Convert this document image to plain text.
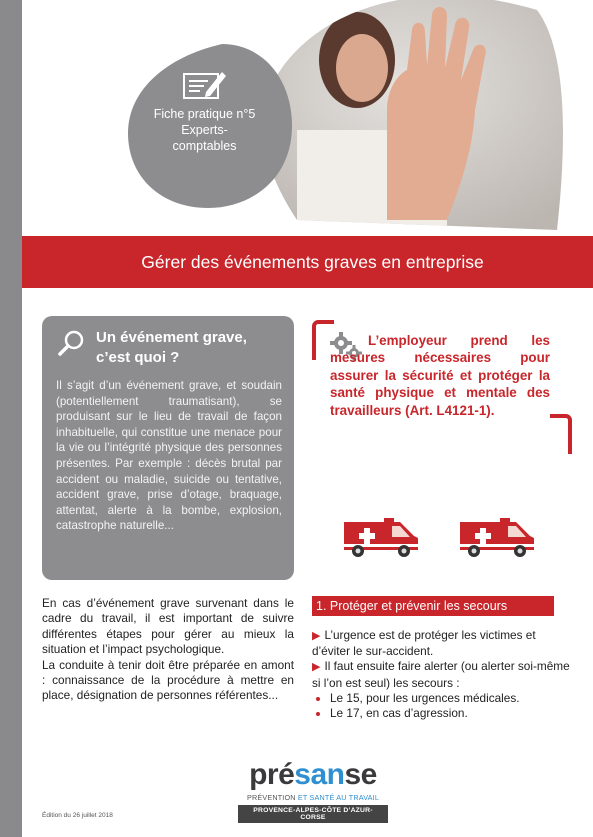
Fiche pratique n°5
Experts-
comptables
Gérer des événements graves en entreprise
Un événement grave,
c’est quoi ?

Il s’agit d’un événement grave, et soudain (potentiellement traumatisant), se produisant sur le lieu de travail de façon inhabituelle, qui constitue une menace pour la vie ou l’intégrité physique des personnes présentes. Par exemple : décès brutal par accident ou maladie, suicide ou tentative, accident grave, prise d’otage, braquage, attentat, alerte à la bombe, explosion, catastrophe naturelle...

L’employeur prend les mesures nécessaires pour assurer la sécurité et protéger la santé physique et mentale des travailleurs (Art. L4121-1).

En cas d’événement grave survenant dans le cadre du travail, il est important de suivre différentes étapes pour gérer au mieux la situation et l’impact psychologique.
La conduite à tenir doit être préparée en amont : connaissance de la procédure à mettre en place, désignation de personnes référentes...
1. Protéger et prévenir les secours
▶ L’urgence est de protéger les victimes et d’éviter le sur-accident.
▶ Il faut ensuite faire alerter (ou alerter soi-même si l’on est seul) les secours :
• Le 15, pour les urgences médicales.
• Le 17, en cas d’agression.
présanse
PRÉVENTION ET SANTÉ AU TRAVAIL
PROVENCE-ALPES-CÔTE D’AZUR-CORSE
Édition du 26 juillet 2018
